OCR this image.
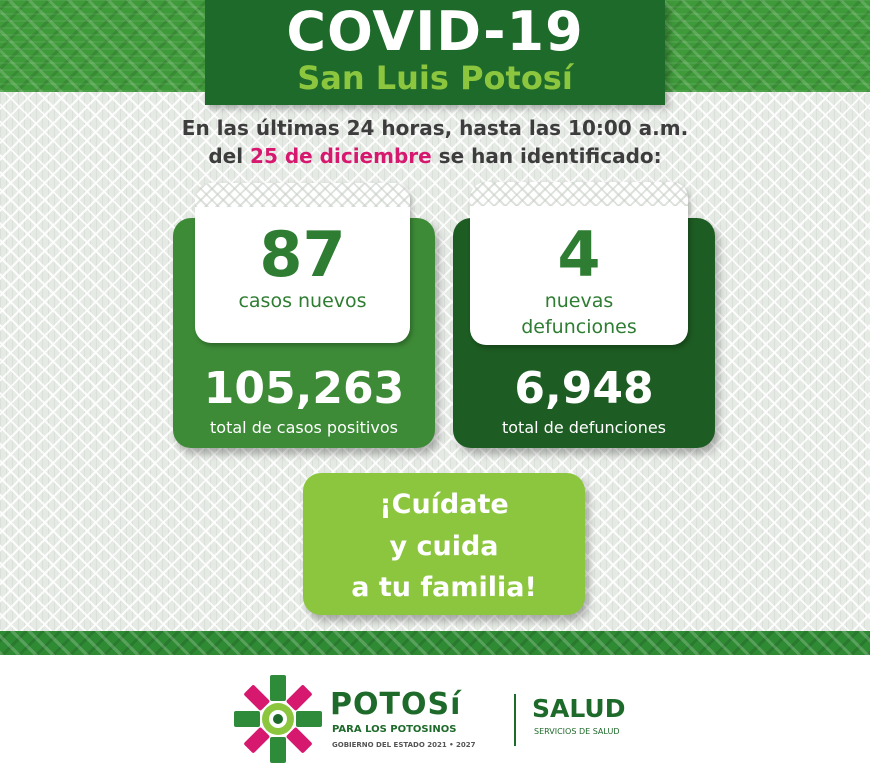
COVID-19
San Luis Potosí
En las últimas 24 horas, hasta las 10:00 a.m.
del 25 de diciembre se han identificado:
87
casos nuevos
105,263
total de casos positivos
4
nuevas
defunciones
6,948
total de defunciones
¡Cuídate
y cuida
a tu familia!
POTOSí
PARA LOS POTOSINOS
GOBIERNO DEL ESTADO 2021 • 2027
SALUD
SERVICIOS DE SALUD
